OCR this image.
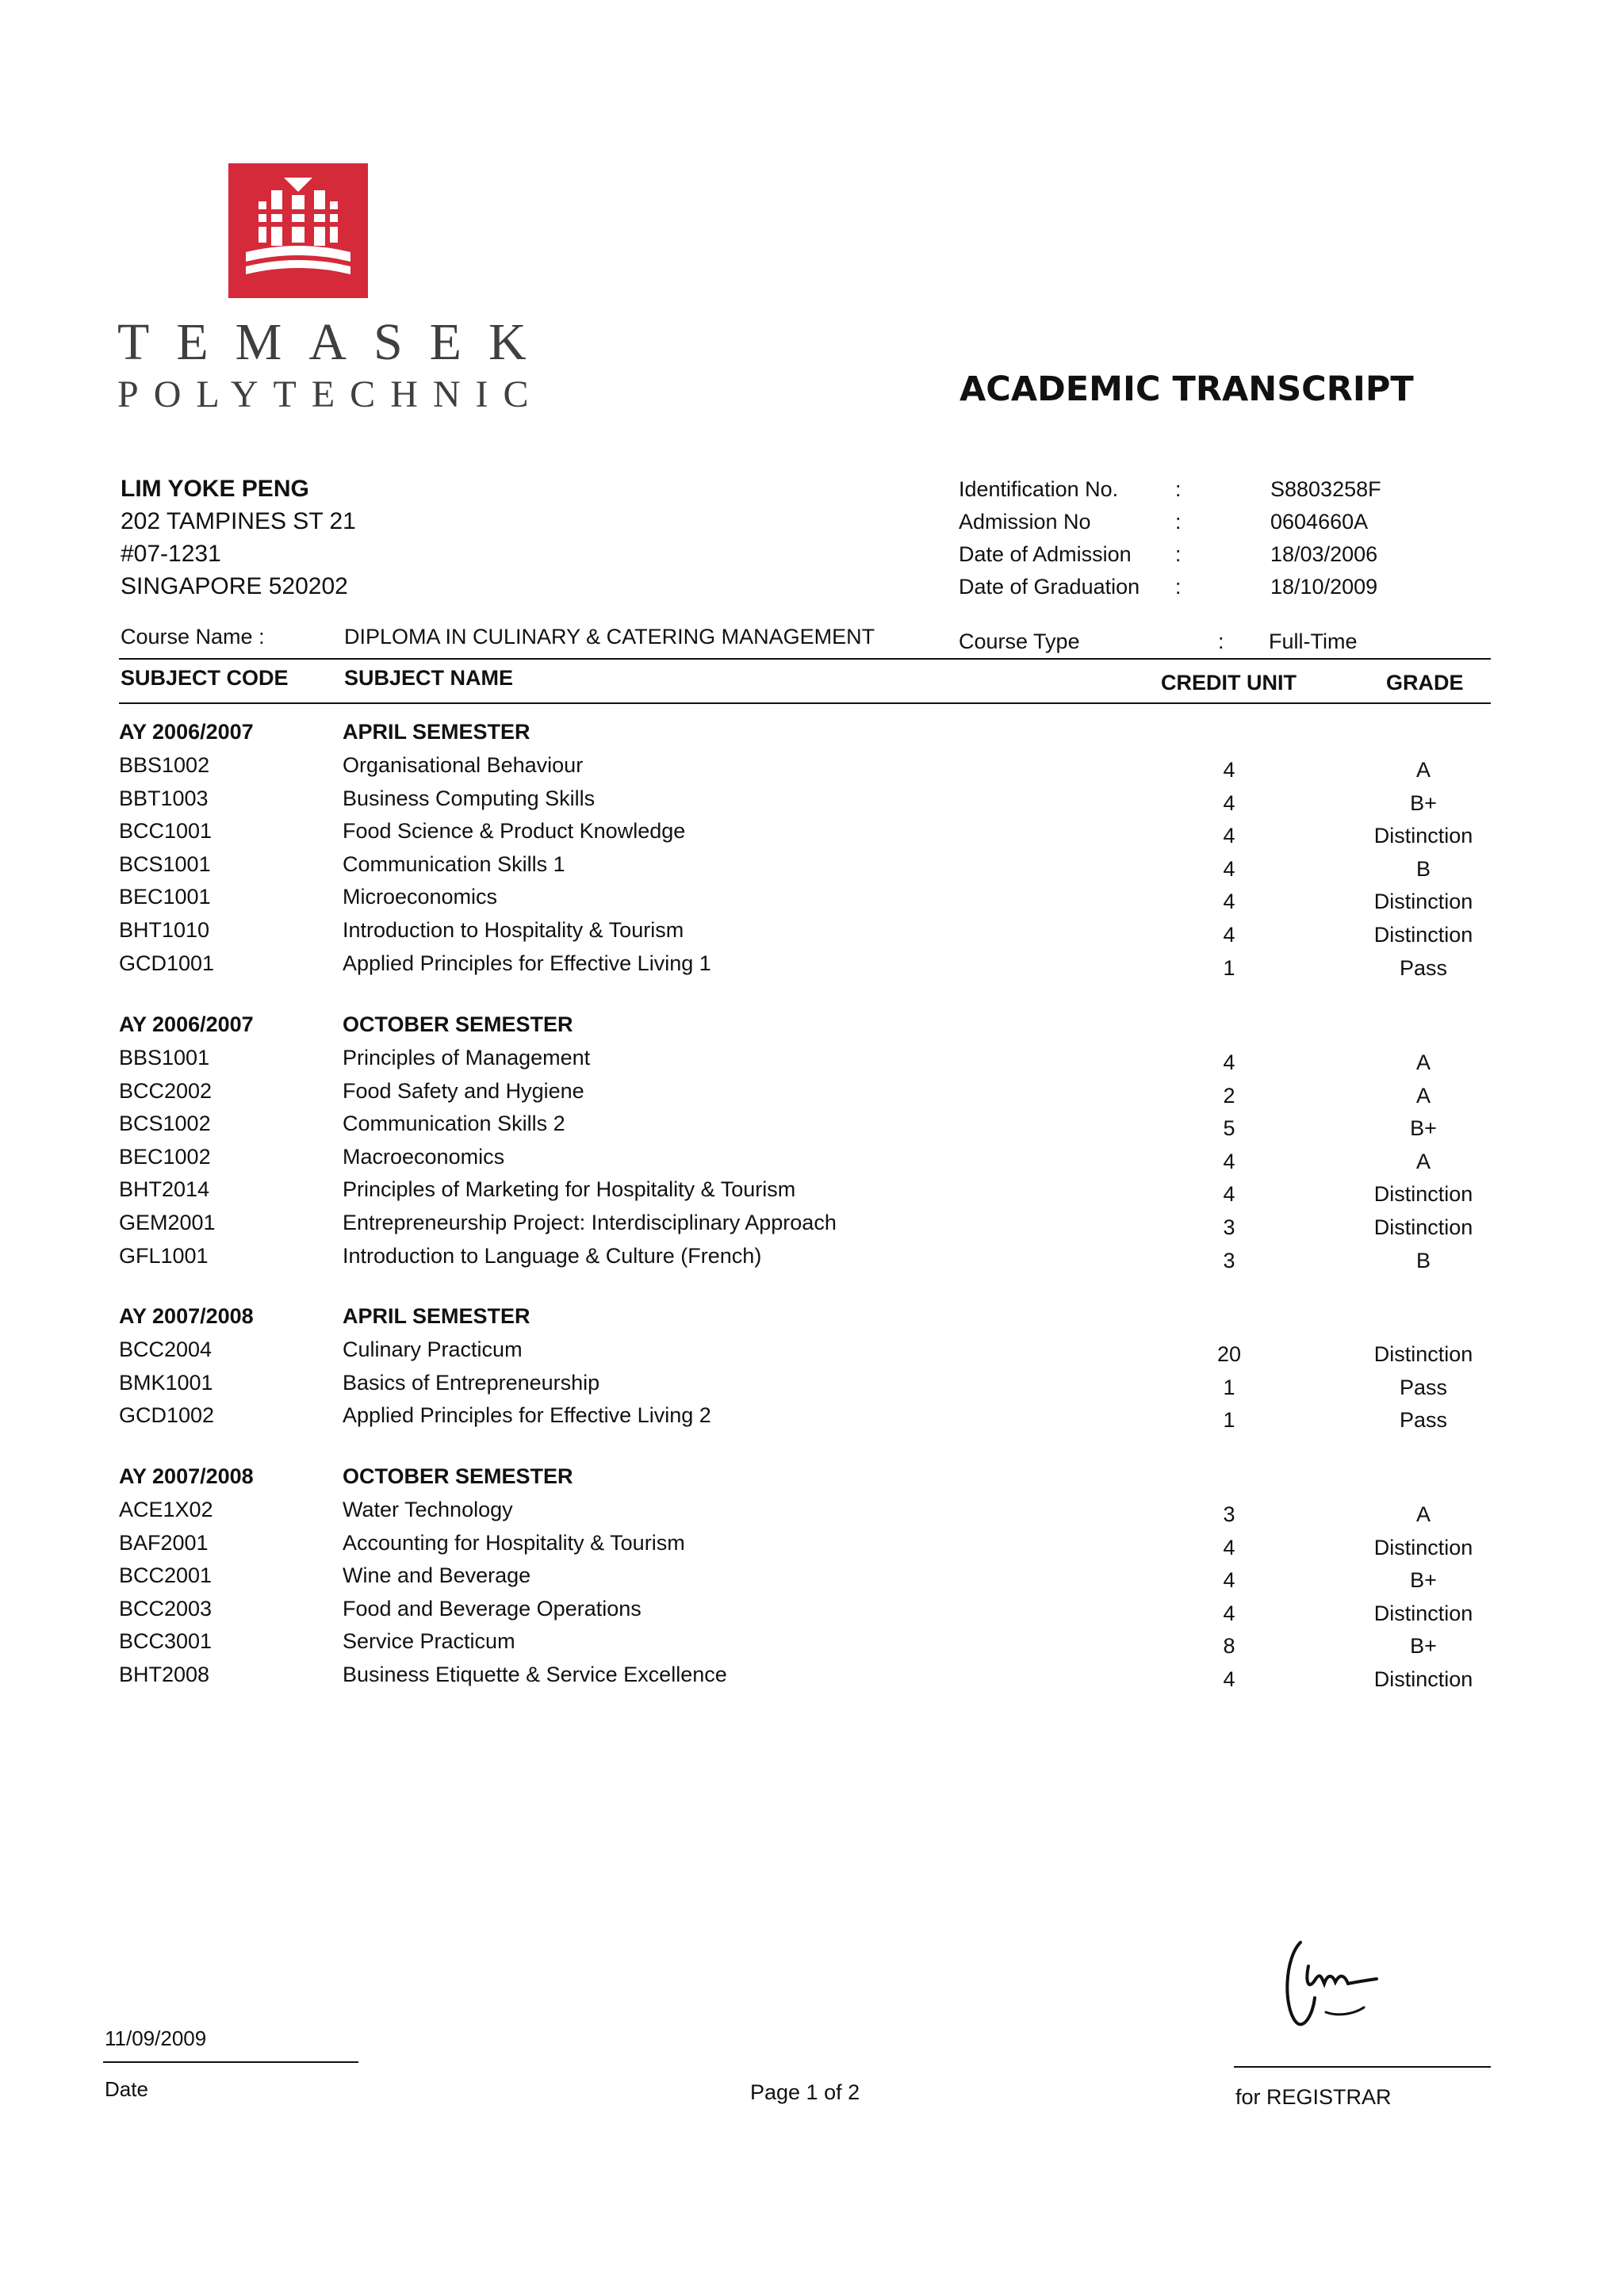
TEMASEK
POLYTECHNIC	ACADEMIC TRANSCRIPT
LIM YOKE PENG
202 TAMPINES ST 21
#07-1231
SINGAPORE 520202
Identification No.	:	S8803258F
Admission No	:	0604660A
Date of Admission :	18/03/2006
Date of Graduation :	18/10/2009
Course Name :	DIPLOMA IN CULINARY & CATERING MANAGEMENT	Course Type	: Full-Time
SUBJECT CODE	SUBJECT NAME	CREDIT UNIT	GRADE
AY 2006/2007	APRIL SEMESTER
BBS1002	Organisational Behaviour	4	A
BBT1003	Business Computing Skills	4	B+
BCC1001	Food Science & Product Knowledge	4	Distinction
BCS1001	Communication Skills 1	4	B
BEC1001	Microeconomics	4	Distinction
BHT1010	Introduction to Hospitality & Tourism	4	Distinction
GCD1001	Applied Principles for Effective Living 1	1	Pass
AY 2006/2007	OCTOBER SEMESTER
BBS1001	Principles of Management	4	A
BCC2002	Food Safety and Hygiene	2	A
BCS1002	Communication Skills 2	5	B+
BEC1002	Macroeconomics	4	A
BHT2014	Principles of Marketing for Hospitality & Tourism	4	Distinction
GEM2001	Entrepreneurship Project: Interdisciplinary Approach	3	Distinction
GFL1001	Introduction to Language & Culture (French)	3	B
AY 2007/2008	APRIL SEMESTER
BCC2004	Culinary Practicum	20	Distinction
BMK1001	Basics of Entrepreneurship	1	Pass
GCD1002	Applied Principles for Effective Living 2	1	Pass
AY 2007/2008	OCTOBER SEMESTER
ACE1X02	Water Technology	3	A
BAF2001	Accounting for Hospitality & Tourism	4	Distinction
BCC2001	Wine and Beverage	4	B+
BCC2003	Food and Beverage Operations	4	Distinction
BCC3001	Service Practicum	8	B+
BHT2008	Business Etiquette & Service Excellence	4	Distinction
11/09/2009
Date	Page 1 of 2	for REGISTRAR
